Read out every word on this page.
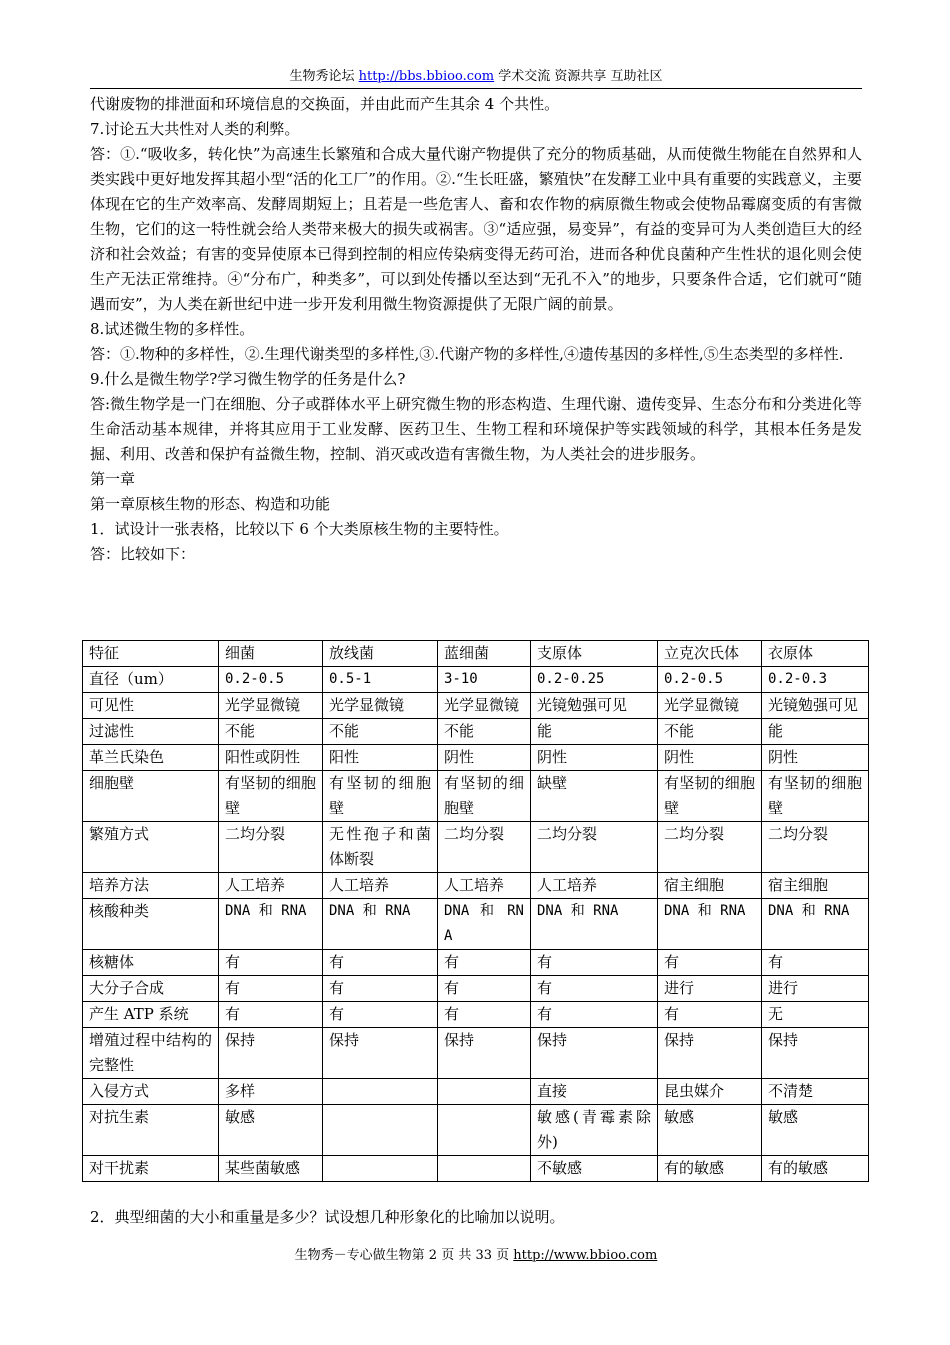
生物秀论坛 http://bbs.bbioo.com 学术交流 资源共享 互助社区

代谢废物的排泄面和环境信息的交换面，并由此而产生其余 4 个共性。

7.讨论五大共性对人类的利弊。

答：①.“吸收多，转化快”为高速生长繁殖和合成大量代谢产物提供了充分的物质基础，从而使微生物能在自然界和人类实践中更好地发挥其超小型“活的化工厂”的作用。②.“生长旺盛，繁殖快”在发酵工业中具有重要的实践意义，主要体现在它的生产效率高、发酵周期短上；且若是一些危害人、畜和农作物的病原微生物或会使物品霉腐变质的有害微生物，它们的这一特性就会给人类带来极大的损失或祸害。③“适应强，易变异”，有益的变异可为人类创造巨大的经济和社会效益；有害的变异使原本已得到控制的相应传染病变得无药可治，进而各种优良菌种产生性状的退化则会使生产无法正常维持。④“分布广，种类多”，可以到处传播以至达到“无孔不入”的地步，只要条件合适，它们就可“随遇而安”，为人类在新世纪中进一步开发利用微生物资源提供了无限广阔的前景。

8.试述微生物的多样性。

答：①.物种的多样性，②.生理代谢类型的多样性,③.代谢产物的多样性,④遗传基因的多样性,⑤生态类型的多样性.

9.什么是微生物学?学习微生物学的任务是什么?

答:微生物学是一门在细胞、分子或群体水平上研究微生物的形态构造、生理代谢、遗传变异、生态分布和分类进化等生命活动基本规律，并将其应用于工业发酵、医药卫生、生物工程和环境保护等实践领域的科学，其根本任务是发掘、利用、改善和保护有益微生物，控制、消灭或改造有害微生物，为人类社会的进步服务。

第一章

第一章原核生物的形态、构造和功能

1．试设计一张表格，比较以下 6 个大类原核生物的主要特性。

答：比较如下：

特征	细菌	放线菌	蓝细菌	支原体	立克次氏体	衣原体
直径（um）	0.2-0.5	0.5-1	3-10	0.2-0.25	0.2-0.5	0.2-0.3
可见性	光学显微镜	光学显微镜	光学显微镜	光镜勉强可见	光学显微镜	光镜勉强可见
过滤性	不能	不能	不能	能	不能	能
革兰氏染色	阳性或阴性	阳性	阴性	阴性	阴性	阴性
细胞壁	有坚韧的细胞壁	有坚韧的细胞壁	有坚韧的细胞壁	缺壁	有坚韧的细胞壁	有坚韧的细胞壁
繁殖方式	二均分裂	无性孢子和菌体断裂	二均分裂	二均分裂	二均分裂	二均分裂
培养方法	人工培养	人工培养	人工培养	人工培养	宿主细胞	宿主细胞
核酸种类	DNA 和 RNA	DNA 和 RNA	DNA 和 RNA	DNA 和 RNA	DNA 和 RNA	DNA 和 RNA
核糖体	有	有	有	有	有	有
大分子合成	有	有	有	有	进行	进行
产生 ATP 系统	有	有	有	有	有	无
增殖过程中结构的完整性	保持	保持	保持	保持	保持	保持
入侵方式	多样			直接	昆虫媒介	不清楚
对抗生素	敏感			敏感(青霉素除外)	敏感	敏感
对干扰素	某些菌敏感			不敏感	有的敏感	有的敏感
2．典型细菌的大小和重量是多少？试设想几种形象化的比喻加以说明。
生物秀－专心做生物第 2 页 共 33 页 http://www.bbioo.com
